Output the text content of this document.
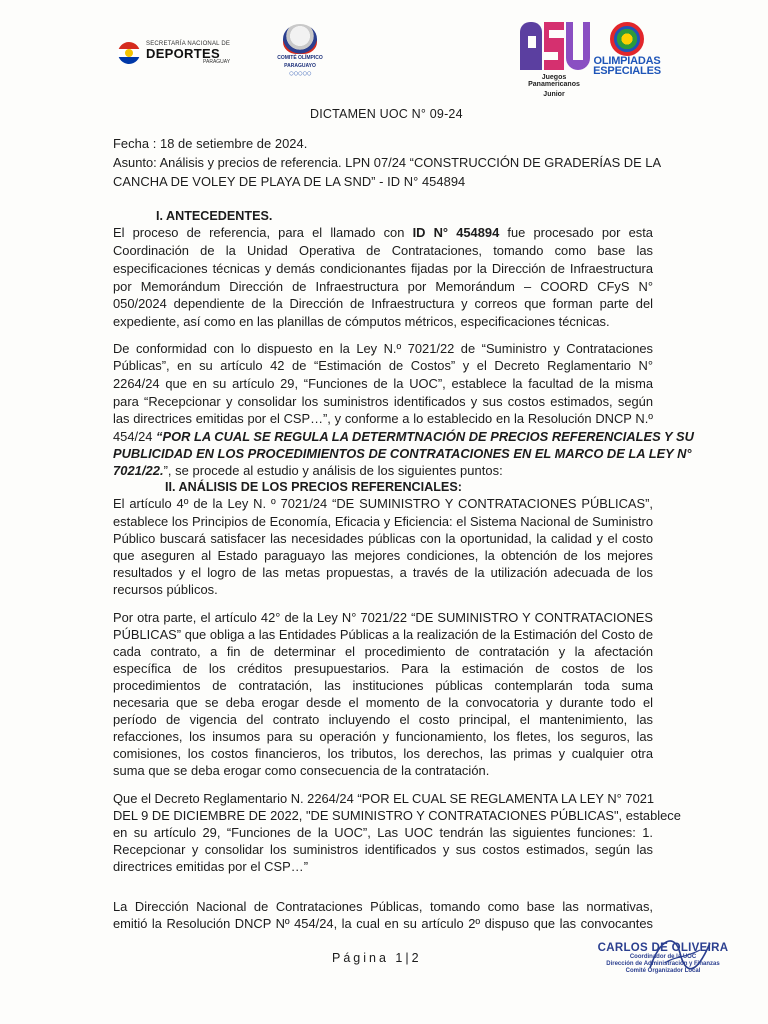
SECRETARÍA NACIONAL DE
DEPORTES
PARAGUAY
COMITÉ OLÍMPICO
PARAGUAYO
○○○○○	Juegos Panamericanos
Junior
OLIMPIADAS
ESPECIALES
DICTAMEN UOC N° 09-24
Fecha : 18 de setiembre de 2024.
Asunto: Análisis y precios de referencia. LPN 07/24 “CONSTRUCCIÓN DE GRADERÍAS DE LA
CANCHA DE VOLEY DE PLAYA DE LA SND” - ID N° 454894
I. ANTECEDENTES.
El proceso de referencia, para el llamado con ID N° 454894 fue procesado por esta
Coordinación de la Unidad Operativa de Contrataciones, tomando como base las
especificaciones técnicas y demás condicionantes fijadas por la Dirección de Infraestructura
por Memorándum Dirección de Infraestructura por Memorándum – COORD CFyS N°
050/2024 dependiente de la Dirección de Infraestructura y correos que forman parte del
expediente, así como en las planillas de cómputos métricos, especificaciones técnicas.
De conformidad con lo dispuesto en la Ley N.º 7021/22 de “Suministro y Contrataciones
Públicas”, en su artículo 42 de “Estimación de Costos” y el Decreto Reglamentario N°
2264/24 que en su artículo 29, “Funciones de la UOC”, establece la facultad de la misma
para “Recepcionar y consolidar los suministros identificados y sus costos estimados, según
las directrices emitidas por el CSP…”, y conforme a lo establecido en la Resolución DNCP N.º
454/24 “POR LA CUAL SE REGULA LA DETERMTNACIÓN DE PRECIOS REFERENCIALES Y SU
PUBLICIDAD EN LOS PROCEDIMIENTOS DE CONTRATACIONES EN EL MARCO DE LA LEY N°
7021/22.”, se procede al estudio y análisis de los siguientes puntos:
II. ANÁLISIS DE LOS PRECIOS REFERENCIALES:
El artículo 4º de la Ley N. º 7021/24 “DE SUMINISTRO Y CONTRATACIONES PÚBLICAS”,
establece los Principios de Economía, Eficacia y Eficiencia: el Sistema Nacional de Suministro
Público buscará satisfacer las necesidades públicas con la oportunidad, la calidad y el costo
que aseguren al Estado paraguayo las mejores condiciones, la obtención de los mejores
resultados y el logro de las metas propuestas, a través de la utilización adecuada de los
recursos públicos.
Por otra parte, el artículo 42° de la Ley N° 7021/22 “DE SUMINISTRO Y CONTRATACIONES
PÚBLICAS” que obliga a las Entidades Públicas a la realización de la Estimación del Costo de
cada contrato, a fin de determinar el procedimiento de contratación y la afectación
específica de los créditos presupuestarios. Para la estimación de costos de los
procedimientos de contratación, las instituciones públicas contemplarán toda suma
necesaria que se deba erogar desde el momento de la convocatoria y durante todo el
período de vigencia del contrato incluyendo el costo principal, el mantenimiento, las
refacciones, los insumos para su operación y funcionamiento, los fletes, los seguros, las
comisiones, los costos financieros, los tributos, los derechos, las primas y cualquier otra
suma que se deba erogar como consecuencia de la contratación.
Que el Decreto Reglamentario N. 2264/24 “POR EL CUAL SE REGLAMENTA LA LEY N° 7021
DEL 9 DE DICIEMBRE DE 2022, "DE SUMINISTRO Y CONTRATACIONES PÚBLICAS", establece
en su artículo 29, “Funciones de la UOC”, Las UOC tendrán las siguientes funciones: 1.
Recepcionar y consolidar los suministros identificados y sus costos estimados, según las
directrices emitidas por el CSP…”
La Dirección Nacional de Contrataciones Públicas, tomando como base las normativas,
emitió la Resolución DNCP Nº 454/24, la cual en su artículo 2º dispuso que las convocantes
Página 1|2
CARLOS DE OLIVEIRA
Coordinador de la UOC
Dirección de Administración y Finanzas
Comité Organizador Local
